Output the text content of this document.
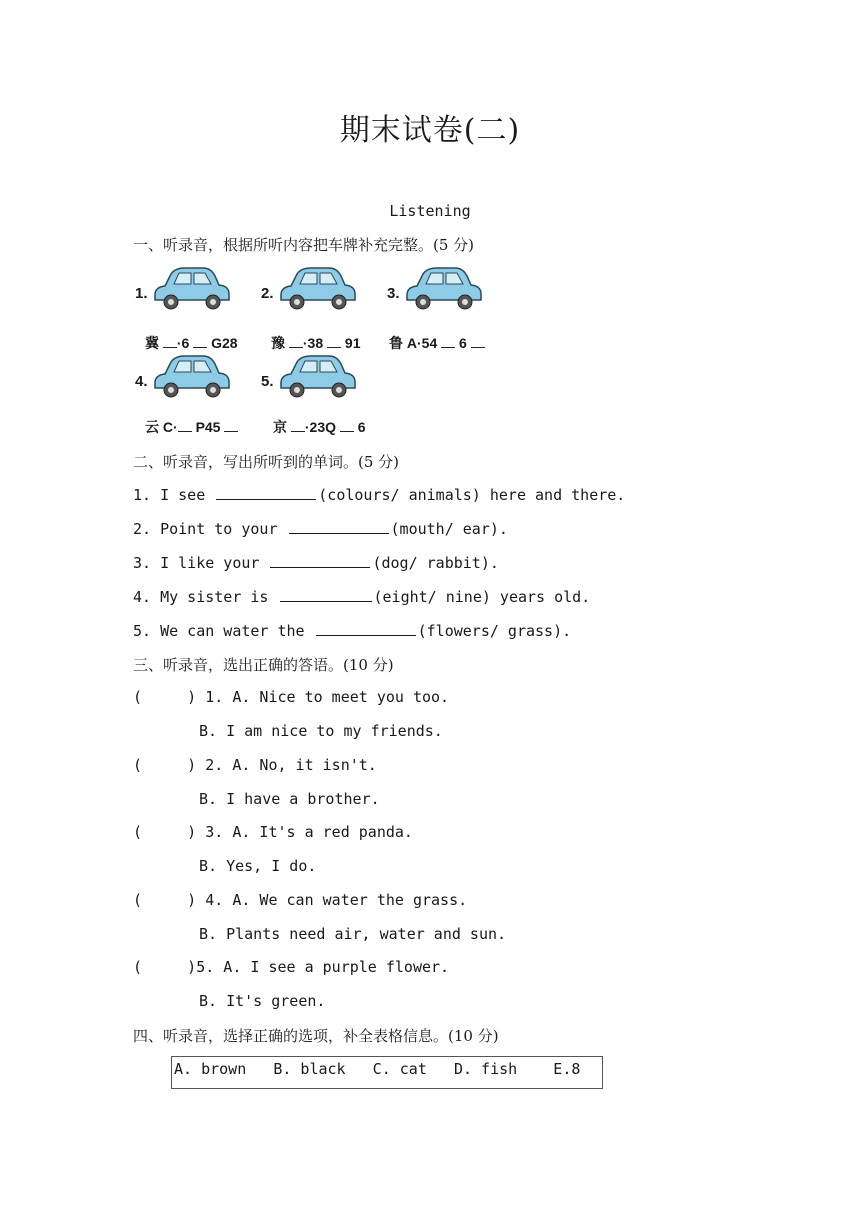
期末试卷(二)
Listening
一、听录音，根据所听内容把车牌补充完整。(5 分)
1.
冀 ·6 G28
2.
豫 ·38 91
3.
鲁 A·54 6
4.
云 C· P45
5.
京 ·23Q 6
二、听录音，写出所听到的单词。(5 分)
1. I see	(colours/ animals) here and there.
2. Point to your	(mouth/ ear).
3. I like your	(dog/ rabbit).
4. My sister is	(eight/ nine) years old.
5. We can water the	(flowers/ grass).
三、听录音，选出正确的答语。(10 分)
(     ) 1. A. Nice to meet you too.
B. I am nice to my friends.
(     ) 2. A. No, it isn't.
B. I have a brother.
(     ) 3. A. It's a red panda.
B. Yes, I do.
(     ) 4. A. We can water the grass.
B. Plants need air, water and sun.
(     )5. A. I see a purple flower.
B. It's green.
四、听录音，选择正确的选项，补全表格信息。(10 分)
A. brown   B. black   C. cat   D. fish    E.8
